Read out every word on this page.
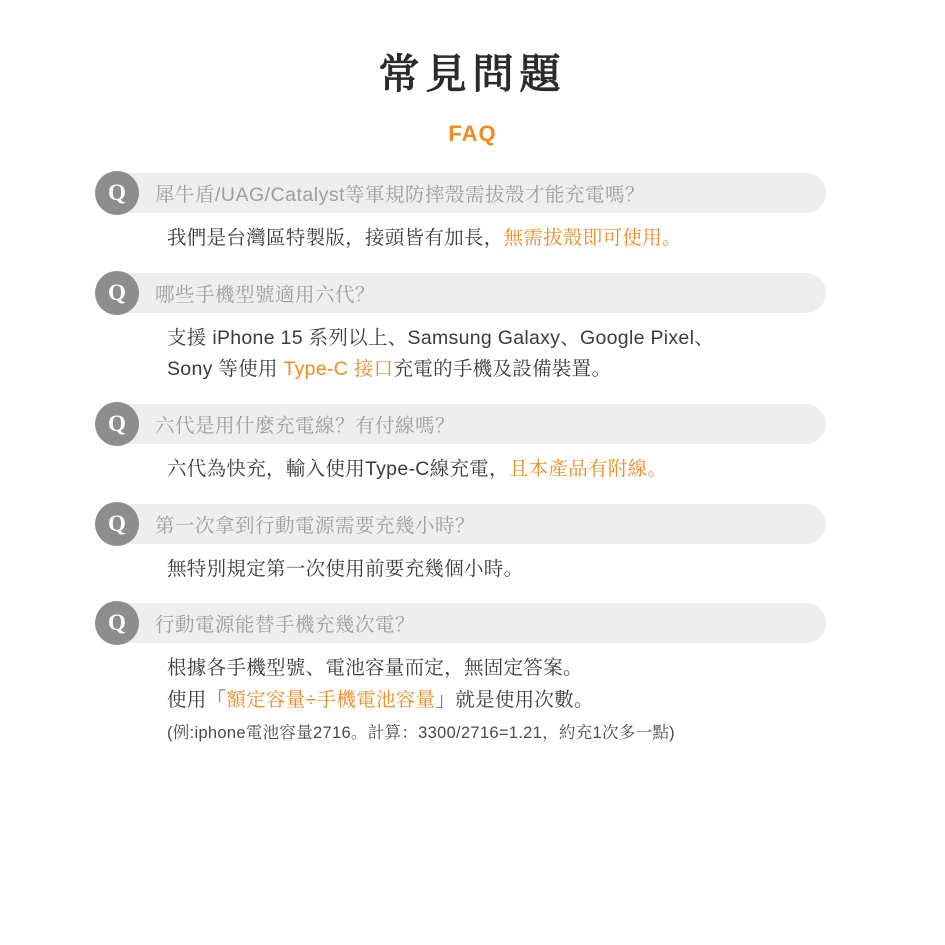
常見問題
FAQ
Q	犀牛盾/UAG/Catalyst等軍規防摔殼需拔殼才能充電嗎？

我們是台灣區特製版，接頭皆有加長，無需拔殼即可使用。

Q	哪些手機型號適用六代？

支援 iPhone 15 系列以上、Samsung Galaxy、Google Pixel、

Sony 等使用 Type-C 接口充電的手機及設備裝置。

Q	六代是用什麼充電線？有付線嗎？

六代為快充，輸入使用Type-C線充電，且本產品有附線。

Q	第一次拿到行動電源需要充幾小時？

無特別規定第一次使用前要充幾個小時。

Q	行動電源能替手機充幾次電？

根據各手機型號、電池容量而定，無固定答案。

使用「額定容量÷手機電池容量」就是使用次數。

(例:iphone電池容量2716。計算：3300/2716=1.21，約充1次多一點)
